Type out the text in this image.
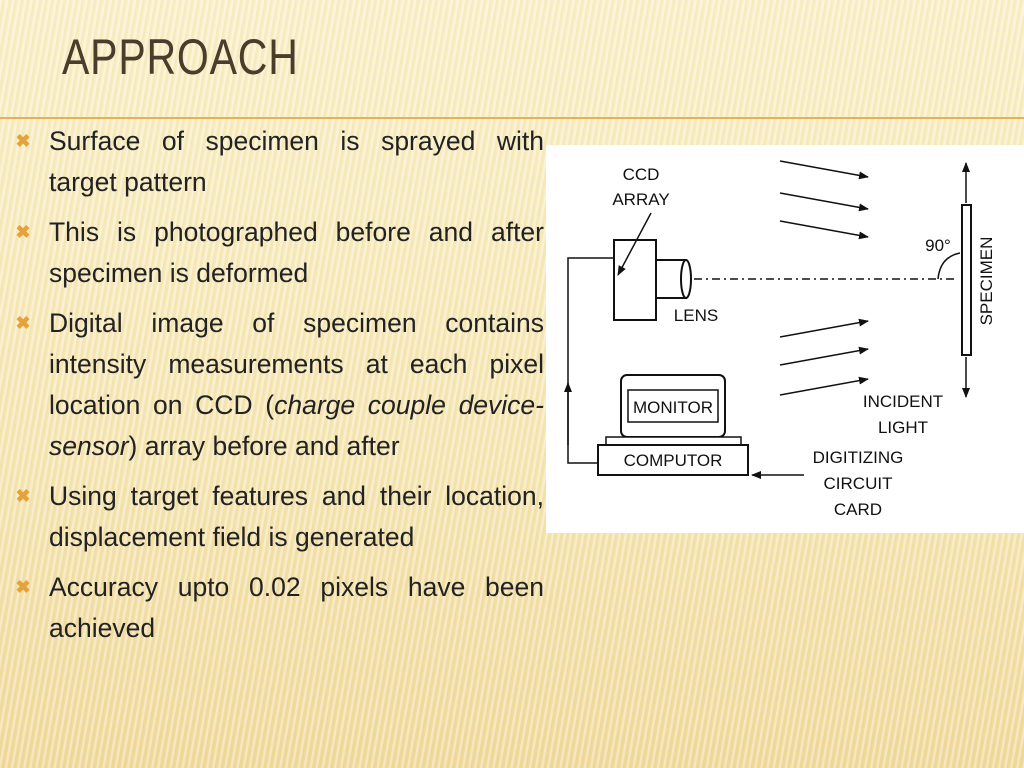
APPROACH
✖ Surface of specimen is sprayed with target pattern
✖ This is photographed before and after specimen is deformed
✖ Digital image of specimen contains intensity measurements at each pixel location on CCD (charge couple device-sensor) array before and after
✖ Using target features and their location, displacement field is generated
✖ Accuracy upto 0.02 pixels have been achieved
CCD
ARRAY
LENS	SPECIMEN
90°
INCIDENT
LIGHT
MONITOR
COMPUTOR	DIGITIZING
CIRCUIT
CARD
